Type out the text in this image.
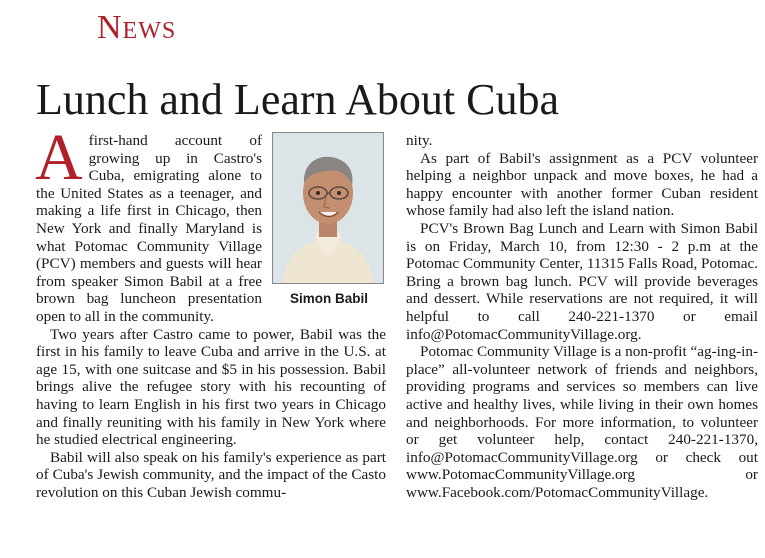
News
Lunch and Learn About Cuba
Simon Babil

A first-hand account of growing up in Castro's Cuba, emigrating alone to the United States as a teenager, and making a life first in Chicago, then New York and finally Maryland is what Potomac Community Village (PCV) members and guests will hear from speaker Simon Babil at a free brown bag luncheon presentation open to all in the community.

Two years after Castro came to power, Babil was the first in his family to leave Cuba and arrive in the U.S. at age 15, with one suitcase and $5 in his possession. Babil brings alive the refugee story with his recounting of having to learn English in his first two years in Chicago and finally reuniting with his family in New York where he studied electrical engineering.

Babil will also speak on his family's experience as part of Cuba's Jewish community, and the impact of the Casto revolution on this Cuban Jewish commu-

nity.

As part of Babil's assignment as a PCV volunteer helping a neighbor unpack and move boxes, he had a happy encounter with another former Cuban resident whose family had also left the island nation.

PCV's Brown Bag Lunch and Learn with Simon Babil is on Friday, March 10, from 12:30 - 2 p.m at the Potomac Community Center, 11315 Falls Road, Potomac. Bring a brown bag lunch. PCV will provide beverages and dessert. While reservations are not required, it will helpful to call 240-221-1370 or email info@PotomacCommunityVillage.org.

Potomac Community Village is a non-profit “ag-ing-in-place” all-volunteer network of friends and neighbors, providing programs and services so members can live active and healthy lives, while living in their own homes and neighborhoods. For more information, to volunteer or get volunteer help, contact 240-221-1370, info@PotomacCommunityVillage.org or check out www.PotomacCommunityVillage.org or www.Facebook.com/PotomacCommunityVillage.
